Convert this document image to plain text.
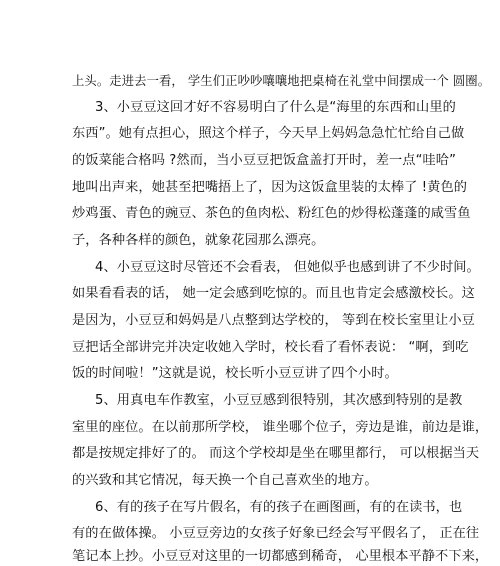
上头。走进去一看， 学生们正吵吵嚷嚷地把桌椅在礼堂中间摆成一个 圆圈。
3、小豆豆这回才好不容易明白了什么是“海里的东西和山里的
东西”。她有点担心，照这个样子，今天早上妈妈急急忙忙给自己做
的饭菜能合格吗 ?然而，当小豆豆把饭盒盖打开时，差一点“哇哈”
地叫出声来，她甚至把嘴捂上了，因为这饭盒里装的太棒了 !黄色的
炒鸡蛋、青色的豌豆、茶色的鱼肉松、粉红色的炒得松蓬蓬的咸雪鱼
子，各种各样的颜色，就象花园那么漂亮。
4、小豆豆这时尽管还不会看表， 但她似乎也感到讲了不少时间。
如果看看表的话， 她一定会感到吃惊的。而且也肯定会感激校长。这
是因为，小豆豆和妈妈是八点整到达学校的， 等到在校长室里让小豆
豆把话全部讲完并决定收她入学时，校长看了看怀表说： “啊，到吃
饭的时间啦！”这就是说，校长听小豆豆讲了四个小时。
5、用真电车作教室，小豆豆感到很特别，其次感到特别的是教
室里的座位。在以前那所学校， 谁坐哪个位子，旁边是谁，前边是谁，
都是按规定排好了的。 而这个学校却是坐在哪里都行， 可以根据当天
的兴致和其它情况，每天换一个自己喜欢坐的地方。
6、有的孩子在写片假名，有的孩子在画图画，有的在读书，也
有的在做体操。 小豆豆旁边的女孩子好象已经会写平假名了， 正在往
笔记本上抄。小豆豆对这里的一切都感到稀奇， 心里根本平静不下来，
